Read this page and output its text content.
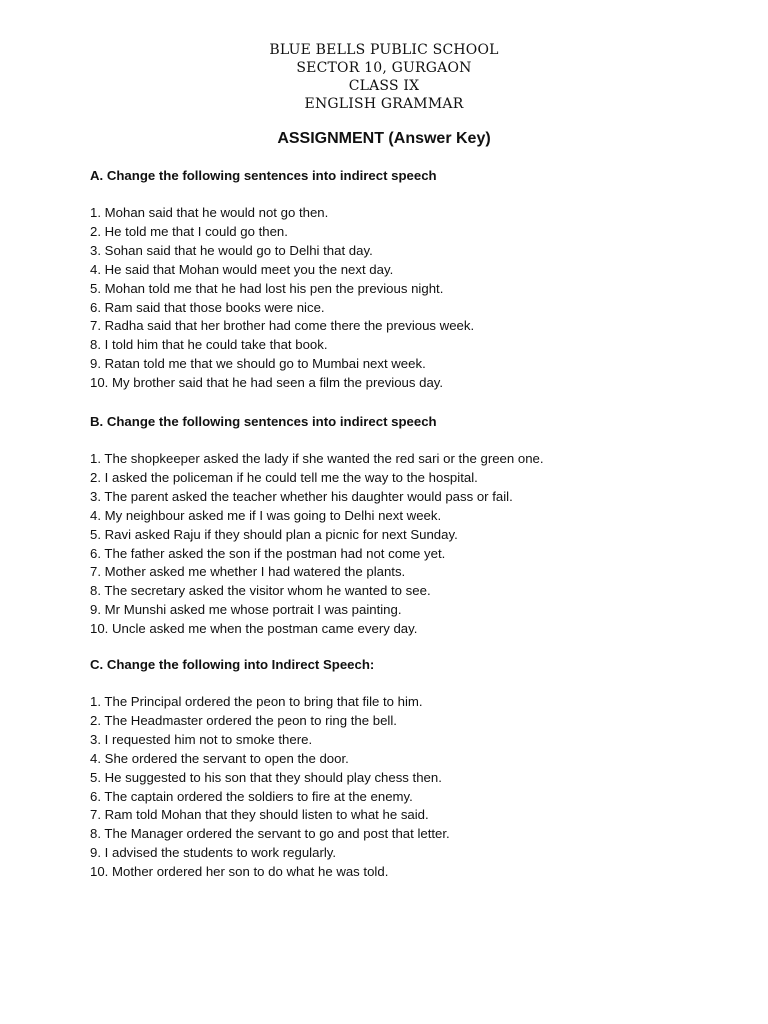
BLUE BELLS PUBLIC SCHOOL
SECTOR 10, GURGAON
CLASS IX
ENGLISH GRAMMAR
ASSIGNMENT (Answer Key)
A. Change the following sentences into indirect speech
1. Mohan said that he would not go then.
2. He told me that I could go then.
3. Sohan said that he would go to Delhi that day.
4. He said that Mohan would meet you the next day.
5. Mohan told me that he had lost his pen the previous night.
6. Ram said that those books were nice.
7. Radha said that her brother had come there the previous week.
8. I told him that he could take that book.
9. Ratan told me that we should go to Mumbai next week.
10. My brother said that he had seen a film the previous day.
B. Change the following sentences into indirect speech
1. The shopkeeper asked the lady if she wanted the red sari or the green one.
2. I asked the policeman if he could tell me the way to the hospital.
3. The parent asked the teacher whether his daughter would pass or fail.
4. My neighbour asked me if I was going to Delhi next week.
5. Ravi asked Raju if they should plan a picnic for next Sunday.
6. The father asked the son if the postman had not come yet.
7. Mother asked me whether I had watered the plants.
8. The secretary asked the visitor whom he wanted to see.
9. Mr Munshi asked me whose portrait I was painting.
10. Uncle asked me when the postman came every day.
C. Change the following into Indirect Speech:
1. The Principal ordered the peon to bring that file to him.
2. The Headmaster ordered the peon to ring the bell.
3. I requested him not to smoke there.
4. She ordered the servant to open the door.
5. He suggested to his son that they should play chess then.
6. The captain ordered the soldiers to fire at the enemy.
7. Ram told Mohan that they should listen to what he said.
8. The Manager ordered the servant to go and post that letter.
9. I advised the students to work regularly.
10. Mother ordered her son to do what he was told.
